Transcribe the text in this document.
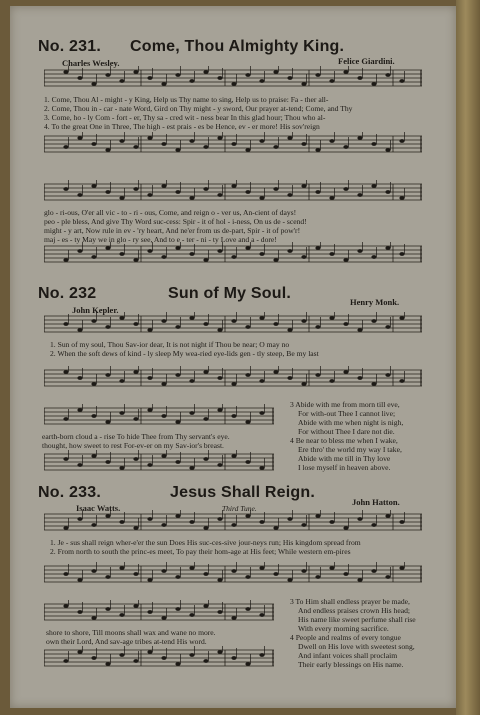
No. 231. Come, Thou Almighty King.
Charles Wesley.	Felice Giardini.
1. Come, Thou Al - might - y King, Help us Thy name to sing, Help us to praise: Fa - ther all-
2. Come, Thou in - car - nate Word, Gird on Thy might - y sword, Our prayer at-tend; Come, and Thy
3. Come, ho - ly Com - fort - er, Thy sa - cred wit - ness bear In this glad hour; Thou who al-
4. To the great One in Three, The high - est prais - es be Hence, ev - er more! His sov'reign
glo - ri-ous, O'er all vic - to - ri - ous, Come, and reign o - ver us, An-cient of days!
peo - ple bless, And give Thy Word suc-cess: Spir - it of hol - i-ness, On us de - scend!
might - y art, Now rule in ev - 'ry heart, And ne'er from us de-part, Spir - it of pow'r!
maj - es - ty May we in glo - ry see, And to e - ter - ni - ty Love and a - dore!
No. 232	Sun of My Soul.
John Kepler.
Henry Monk.
1. Sun of my soul, Thou Sav-ior dear, It is not night if Thou be near; O may no
2. When the soft dews of kind - ly sleep My wea-ried eye-lids gen - tly steep, Be my last
earth-born cloud a - rise To hide Thee from Thy servant's eye.
thought, how sweet to rest For-ev-er on my Sav-ior's breast.
3 Abide with me from morn till eve,
For with-out Thee I cannot live;
Abide with me when night is nigh,
For without Thee I dare not die.
4 Be near to bless me when I wake,
Ere thro' the world my way I take,
Abide with me till in Thy love
I lose myself in heaven above.
No. 233.	Jesus Shall Reign.
Isaac Watts.	Third Tune.
John Hatton.
1. Je - sus shall reign wher-e'er the sun Does His suc-ces-sive jour-neys run; His kingdom spread from
2. From north to south the princ-es meet, To pay their hom-age at His feet; While western em-pires
shore to shore, Till moons shall wax and wane no more.
own their Lord, And sav-age tribes at-tend His word.
3 To Him shall endless prayer be made,
And endless praises crown His head;
His name like sweet perfume shall rise
With every morning sacrifice.
4 People and realms of every tongue
Dwell on His love with sweetest song,
And infant voices shall proclaim
Their early blessings on His name.
